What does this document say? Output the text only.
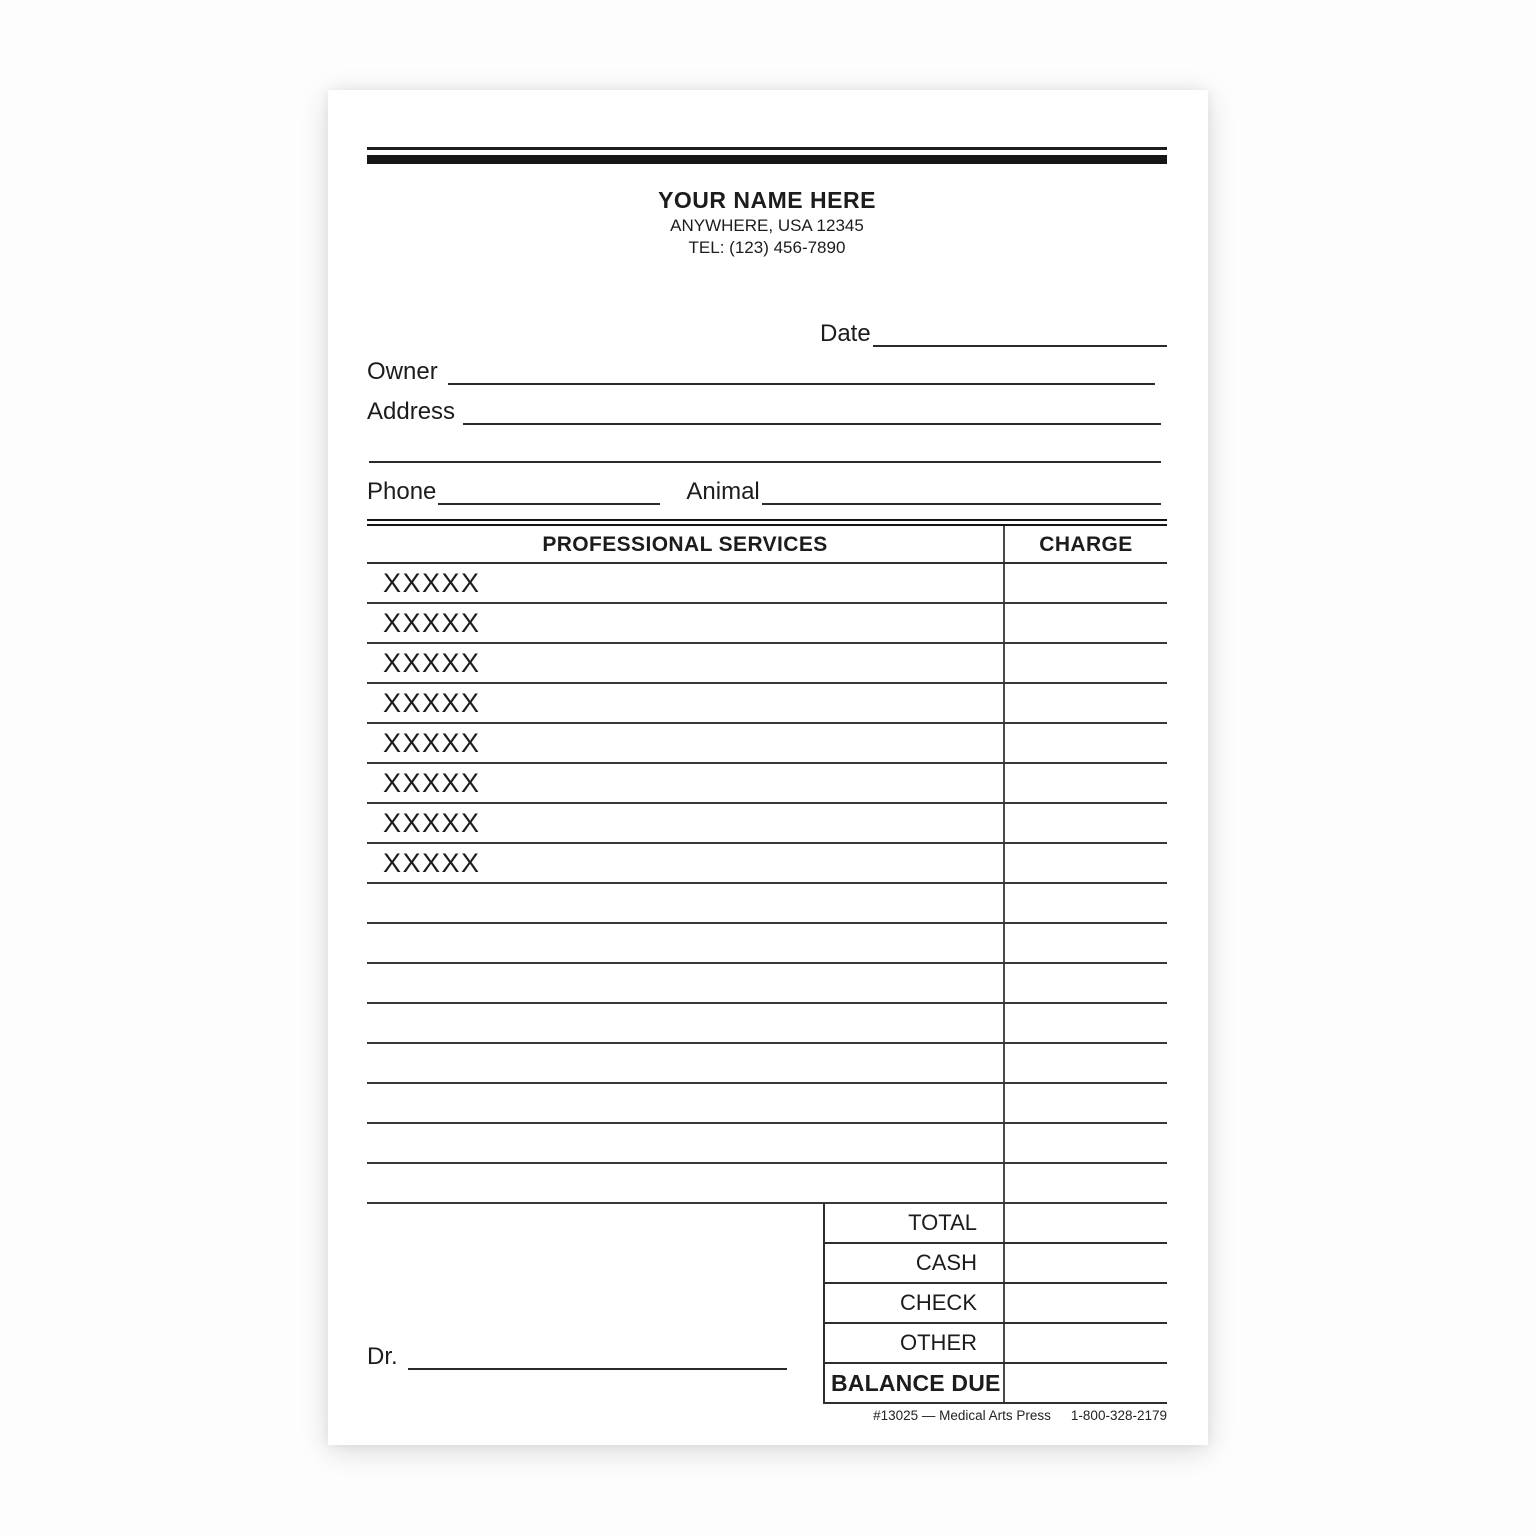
YOUR NAME HERE
ANYWHERE, USA 12345
TEL: (123) 456-7890
Date
Owner
Address
Phone	Animal
PROFESSIONAL SERVICES	CHARGE
XXXXX
XXXXX
XXXXX
XXXXX
XXXXX
XXXXX
XXXXX
XXXXX
TOTAL
CASH
CHECK
OTHER
BALANCE DUE
Dr.
#13025 — Medical Arts Press 1-800-328-2179
